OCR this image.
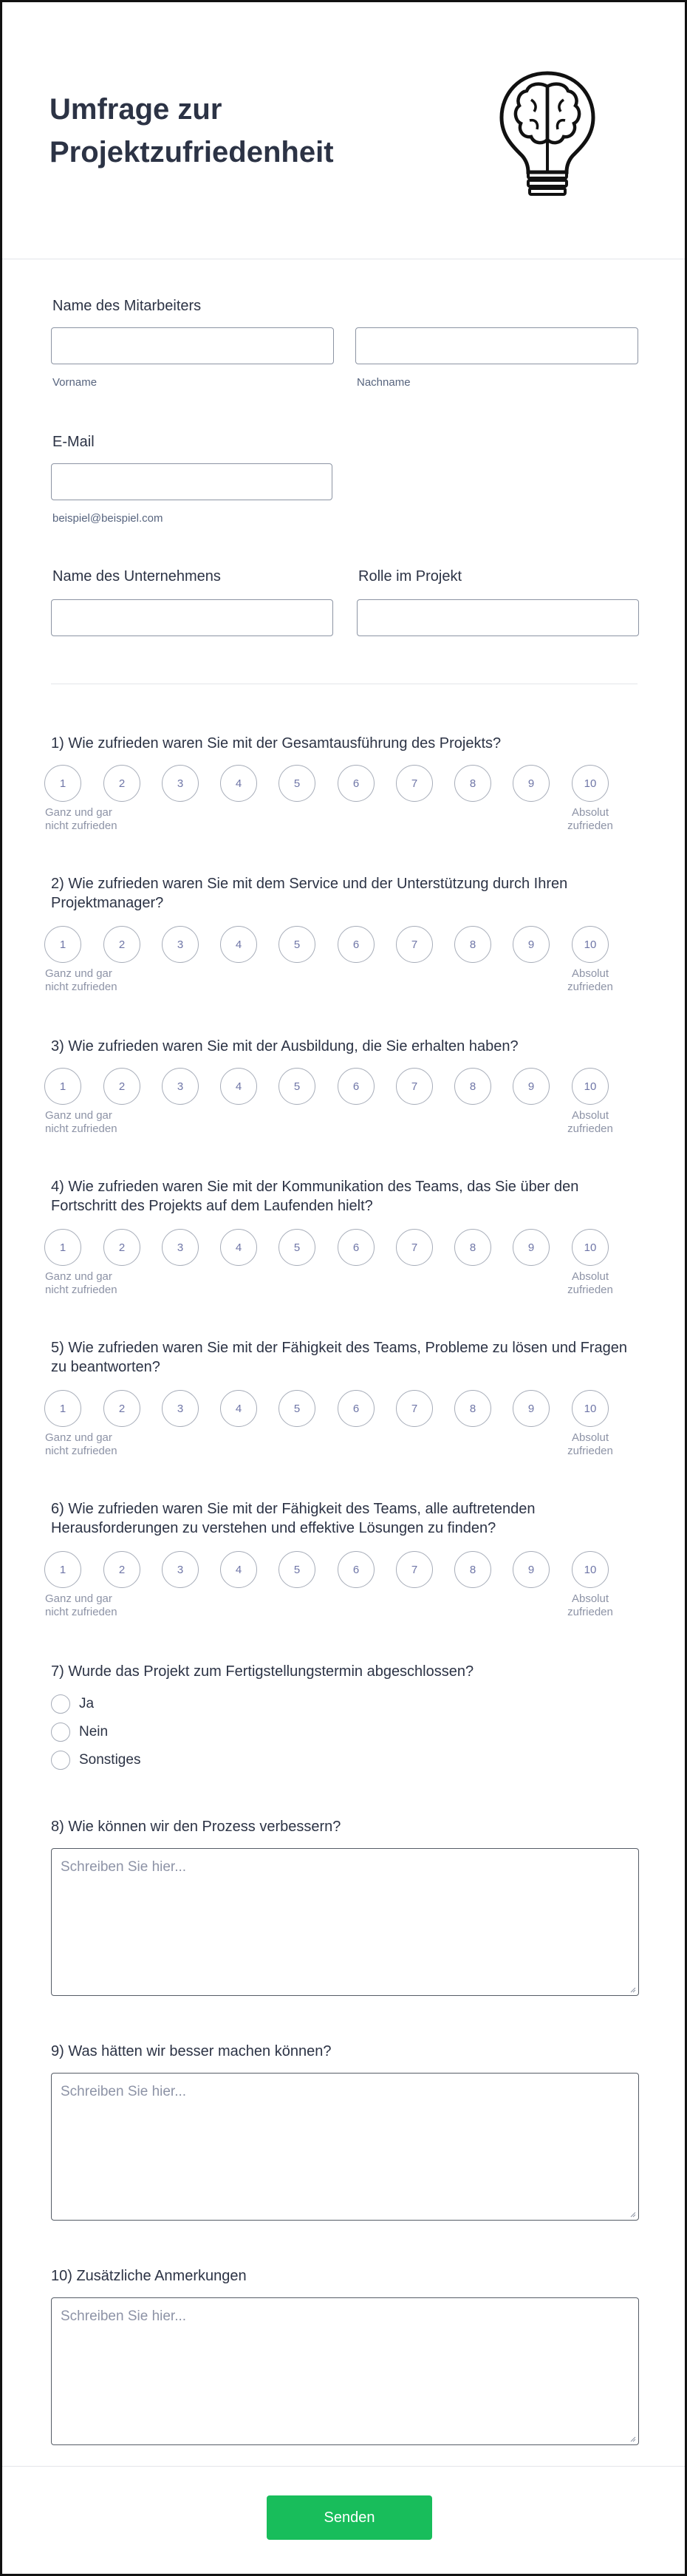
Umfrage zur
Projektzufriedenheit
Name des Mitarbeiters
Vorname	Nachname
E-Mail
beispiel@beispiel.com
Name des Unternehmens	Rolle im Projekt
1) Wie zufrieden waren Sie mit der Gesamtausführung des Projekts?
1	2	3	4	5	6	7	8	9	10
Ganz und gar
nicht zufrieden
Absolut
zufrieden
2) Wie zufrieden waren Sie mit dem Service und der Unterstützung durch Ihren Projektmanager?
1	2	3	4	5	6	7	8	9	10
Ganz und gar
nicht zufrieden
Absolut
zufrieden
3) Wie zufrieden waren Sie mit der Ausbildung, die Sie erhalten haben?
1	2	3	4	5	6	7	8	9	10
Ganz und gar
nicht zufrieden
Absolut
zufrieden
4) Wie zufrieden waren Sie mit der Kommunikation des Teams, das Sie über den Fortschritt des Projekts auf dem Laufenden hielt?
1	2	3	4	5	6	7	8	9	10
Ganz und gar
nicht zufrieden
Absolut
zufrieden
5) Wie zufrieden waren Sie mit der Fähigkeit des Teams, Probleme zu lösen und Fragen zu beantworten?
1	2	3	4	5	6	7	8	9	10
Ganz und gar
nicht zufrieden
Absolut
zufrieden
6) Wie zufrieden waren Sie mit der Fähigkeit des Teams, alle auftretenden Herausforderungen zu verstehen und effektive Lösungen zu finden?
1	2	3	4	5	6	7	8	9	10
Ganz und gar
nicht zufrieden
Absolut
zufrieden
7) Wurde das Projekt zum Fertigstellungstermin abgeschlossen?
Ja
Nein
Sonstiges
8) Wie können wir den Prozess verbessern?
Schreiben Sie hier...
9) Was hätten wir besser machen können?
Schreiben Sie hier...
10) Zusätzliche Anmerkungen
Schreiben Sie hier...
Senden
